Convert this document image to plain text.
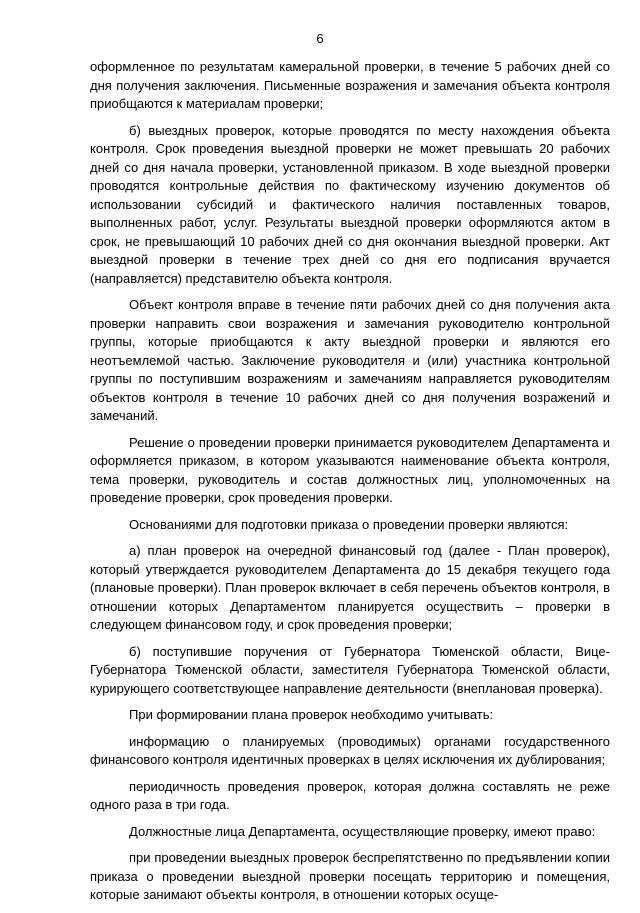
6

оформленное по результатам камеральной проверки, в течение 5 рабочих дней со дня получения заключения. Письменные возражения и замечания объекта контроля приобщаются к материалам проверки;

б) выездных проверок, которые проводятся по месту нахождения объекта контроля. Срок проведения выездной проверки не может превышать 20 рабочих дней со дня начала проверки, установленной приказом. В ходе выездной проверки проводятся контрольные действия по фактическому изучению документов об использовании субсидий и фактического наличия поставленных товаров, выполненных работ, услуг. Результаты выездной проверки оформляются актом в срок, не превышающий 10 рабочих дней со дня окончания выездной проверки. Акт выездной проверки в течение трех дней со дня его подписания вручается (направляется) представителю объекта контроля.

Объект контроля вправе в течение пяти рабочих дней со дня получения акта проверки направить свои возражения и замечания руководителю контрольной группы, которые приобщаются к акту выездной проверки и являются его неотъемлемой частью. Заключение руководителя и (или) участника контрольной группы по поступившим возражениям и замечаниям направляется руководителям объектов контроля в течение 10 рабочих дней со дня получения возражений и замечаний.

Решение о проведении проверки принимается руководителем Департамента и оформляется приказом, в котором указываются наименование объекта контроля, тема проверки, руководитель и состав должностных лиц, уполномоченных на проведение проверки, срок проведения проверки.

Основаниями для подготовки приказа о проведении проверки являются:

а) план проверок на очередной финансовый год (далее - План проверок), который утверждается руководителем Департамента до 15 декабря текущего года (плановые проверки). План проверок включает в себя перечень объектов контроля, в отношении которых Департаментом планируется осуществить – проверки в следующем финансовом году, и срок проведения проверки;

б) поступившие поручения от Губернатора Тюменской области, Вице-Губернатора Тюменской области, заместителя Губернатора Тюменской области, курирующего соответствующее направление деятельности (внеплановая проверка).

При формировании плана проверок необходимо учитывать:

информацию о планируемых (проводимых) органами государственного финансового контроля идентичных проверках в целях исключения их дублирования;

периодичность проведения проверок, которая должна составлять не реже одного раза в три года.

Должностные лица Департамента, осуществляющие проверку, имеют право:

при проведении выездных проверок беспрепятственно по предъявлении копии приказа о проведении выездной проверки посещать территорию и помещения, которые занимают объекты контроля, в отношении которых осуще-
